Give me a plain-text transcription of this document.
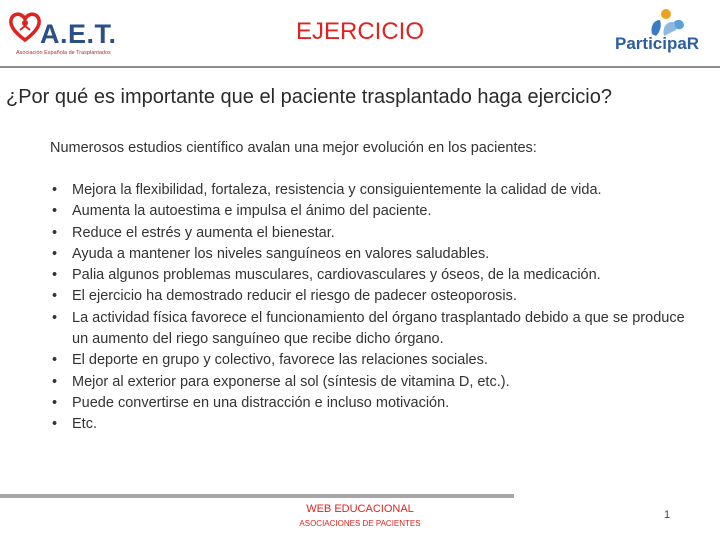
A.E.T.
Asociación Española de Trasplantados
EJERCICIO	ParticipaR
¿Por qué es importante que el paciente trasplantado haga ejercicio?
Numerosos estudios científico avalan una mejor evolución en los pacientes:
• Mejora la flexibilidad, fortaleza, resistencia y consiguientemente la calidad de vida.
• Aumenta la autoestima e impulsa el ánimo del paciente.
• Reduce el estrés y aumenta el bienestar.
• Ayuda a mantener los niveles sanguíneos en valores saludables.
• Palia algunos problemas musculares, cardiovasculares y óseos, de la medicación.
• El ejercicio ha demostrado reducir el riesgo de padecer osteoporosis.
• La actividad física favorece el funcionamiento del órgano trasplantado debido a que se produce un aumento del riego sanguíneo que recibe dicho órgano.
• El deporte en grupo y colectivo, favorece las relaciones sociales.
• Mejor al exterior para exponerse al sol (síntesis de vitamina D, etc.).
• Puede convertirse en una distracción e incluso motivación.
• Etc.
WEB EDUCACIONAL
ASOCIACIONES DE PACIENTES
1
